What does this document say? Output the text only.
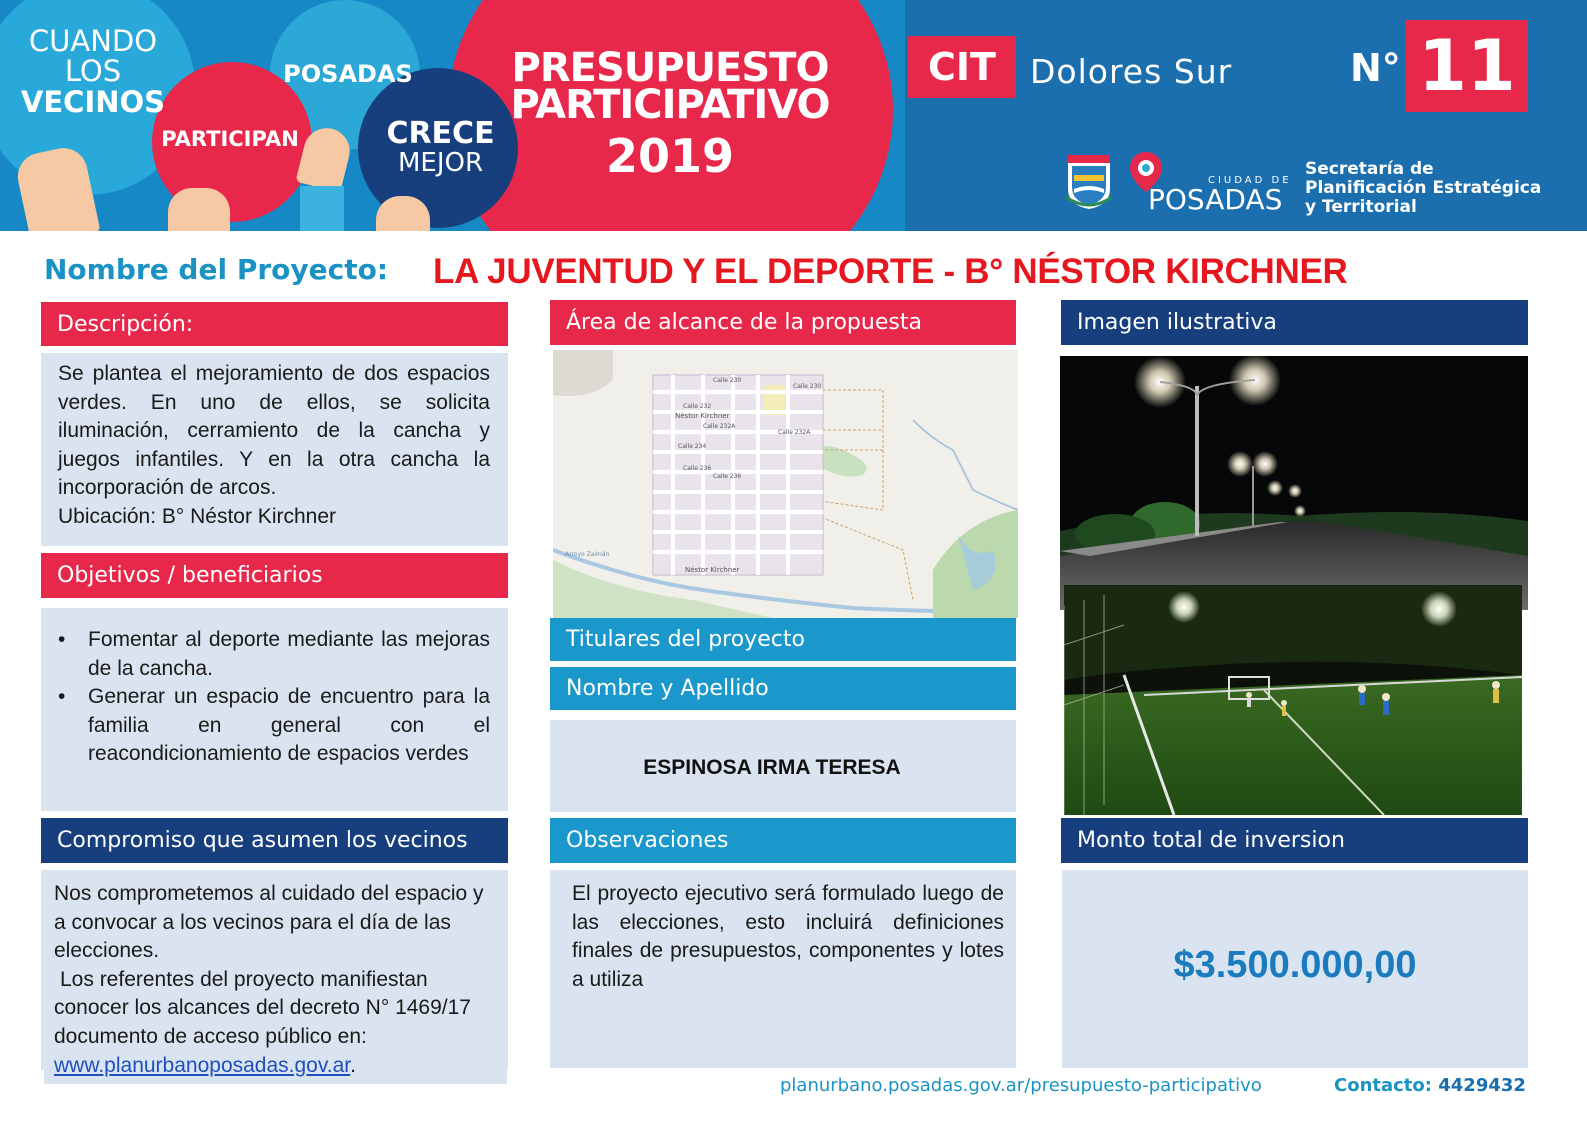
CUANDO
LOS
VECINOS
POSADAS
PARTICIPAN	CRECE
MEJOR
PRESUPUESTO
PARTICIPATIVO
2019
CIT	Dolores Sur	N° 11
CIUDAD DE
POSADAS
Secretaría de
Planificación Estratégica
y Territorial
Nombre del Proyecto: LA JUVENTUD Y EL DEPORTE - B° NÉSTOR KIRCHNER
Descripción:
Se plantea el mejoramiento de dos espacios verdes. En uno de ellos, se solicita iluminación, cerramiento de la cancha y juegos infantiles. Y en la otra cancha la incorporación de arcos.
Ubicación: B° Néstor Kirchner
Objetivos / beneficiarios
• Fomentar al deporte mediante las mejoras de la cancha.
• Generar un espacio de encuentro para la familia en general con el reacondicionamiento de espacios verdes
Compromiso que asumen los vecinos
Nos comprometemos al cuidado del espacio y a convocar a los vecinos para el día de las elecciones.
Los referentes del proyecto manifiestan conocer los alcances del decreto N° 1469/17 documento de acceso público en: www.planurbanoposadas.gov.ar.
Área de alcance de la propuesta
Calle 230
Calle 230
Calle 232
Néstor Kirchner
Calle 232A
Calle 232A
Calle 234
Calle 236
Calle 236
Néstor Kirchner
Arroyo Zaimán
Titulares del proyecto
Nombre y Apellido
ESPINOSA IRMA TERESA
Observaciones
El proyecto ejecutivo será formulado luego de las elecciones, esto incluirá definiciones finales de presupuestos, componentes y lotes a utiliza
Imagen ilustrativa
Monto total de inversion
$3.500.000,00
planurbano.posadas.gov.ar/presupuesto-participativo	Contacto: 4429432
